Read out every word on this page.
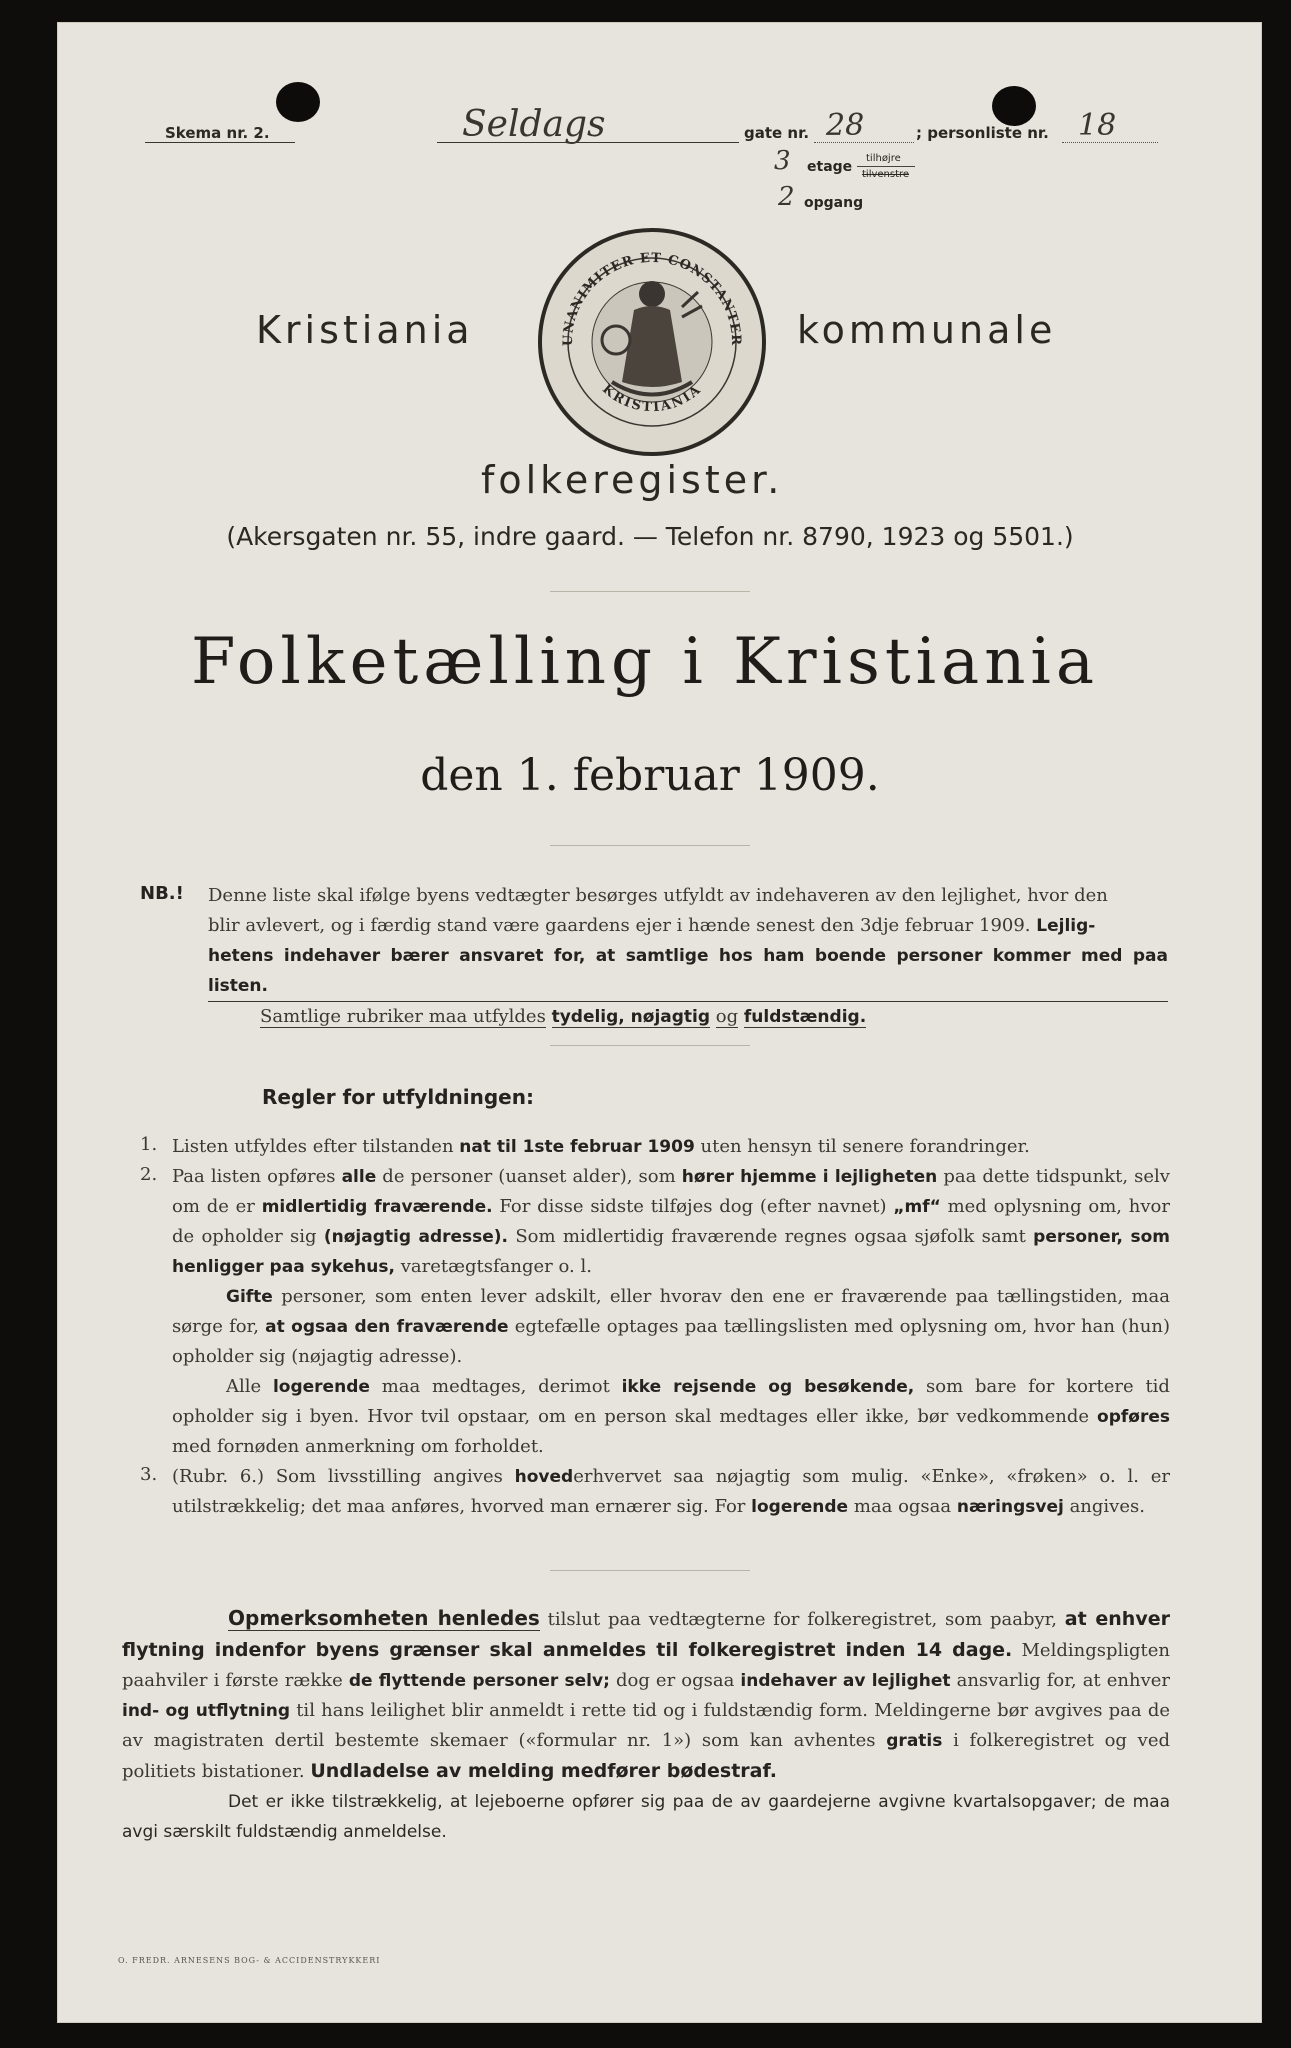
Skema nr. 2.	Seldags	gate nr. 28	; personliste nr. 18
3 etage
tilhøjre
tilvenstre
2 opgang
Kristiania	UNANIMITER ET CONSTANTER
KRISTIANIA
kommunale
folkeregister.
(Akersgaten nr. 55, indre gaard. — Telefon nr. 8790, 1923 og 5501.)
Folketælling i Kristiania
den 1. februar 1909.
NB.! Denne liste skal ifølge byens vedtægter besørges utfyldt av indehaveren av den lejlighet, hvor den

blir avlevert, og i færdig stand være gaardens ejer i hænde senest den 3dje februar 1909. Lejlig-

hetens indehaver bærer ansvaret for, at samtlige hos ham boende personer kommer med paa listen.

Samtlige rubriker maa utfyldes tydelig, nøjagtig og fuldstændig.

Regler for utfyldningen:
1. Listen utfyldes efter tilstanden nat til 1ste februar 1909 uten hensyn til senere forandringer.

2. Paa listen opføres alle de personer (uanset alder), som hører hjemme i lejligheten paa dette tidspunkt, selv om de er midlertidig fraværende. For disse sidste tilføjes dog (efter navnet) „mf“ med oplysning om, hvor de opholder sig (nøjagtig adresse). Som midlertidig fraværende regnes ogsaa sjøfolk samt personer, som henligger paa sykehus, varetægtsfanger o. l.

Gifte personer, som enten lever adskilt, eller hvorav den ene er fraværende paa tællingstiden, maa sørge for, at ogsaa den fraværende egtefælle optages paa tællingslisten med oplysning om, hvor han (hun) opholder sig (nøjagtig adresse).

Alle logerende maa medtages, derimot ikke rejsende og besøkende, som bare for kortere tid opholder sig i byen. Hvor tvil opstaar, om en person skal medtages eller ikke, bør vedkommende opføres med fornøden anmerkning om forholdet.

3. (Rubr. 6.) Som livsstilling angives hovederhvervet saa nøjagtig som mulig. «Enke», «frøken» o. l. er utilstrækkelig; det maa anføres, hvorved man ernærer sig. For logerende maa ogsaa næringsvej angives.

Opmerksomheten henledes tilslut paa vedtægterne for folkeregistret, som paabyr, at enhver flytning indenfor byens grænser skal anmeldes til folkeregistret inden 14 dage. Meldingspligten paahviler i første række de flyttende personer selv; dog er ogsaa indehaver av lejlighet ansvarlig for, at enhver ind- og utflytning til hans leilighet blir anmeldt i rette tid og i fuldstændig form. Meldingerne bør avgives paa de av magistraten dertil bestemte skemaer («formular nr. 1») som kan avhentes gratis i folkeregistret og ved politiets bistationer. Undladelse av melding medfører bødestraf.

Det er ikke tilstrækkelig, at lejeboerne opfører sig paa de av gaardejerne avgivne kvartalsopgaver; de maa avgi særskilt fuldstændig anmeldelse.

O. FREDR. ARNESENS BOG- & ACCIDENSTRYKKERI
